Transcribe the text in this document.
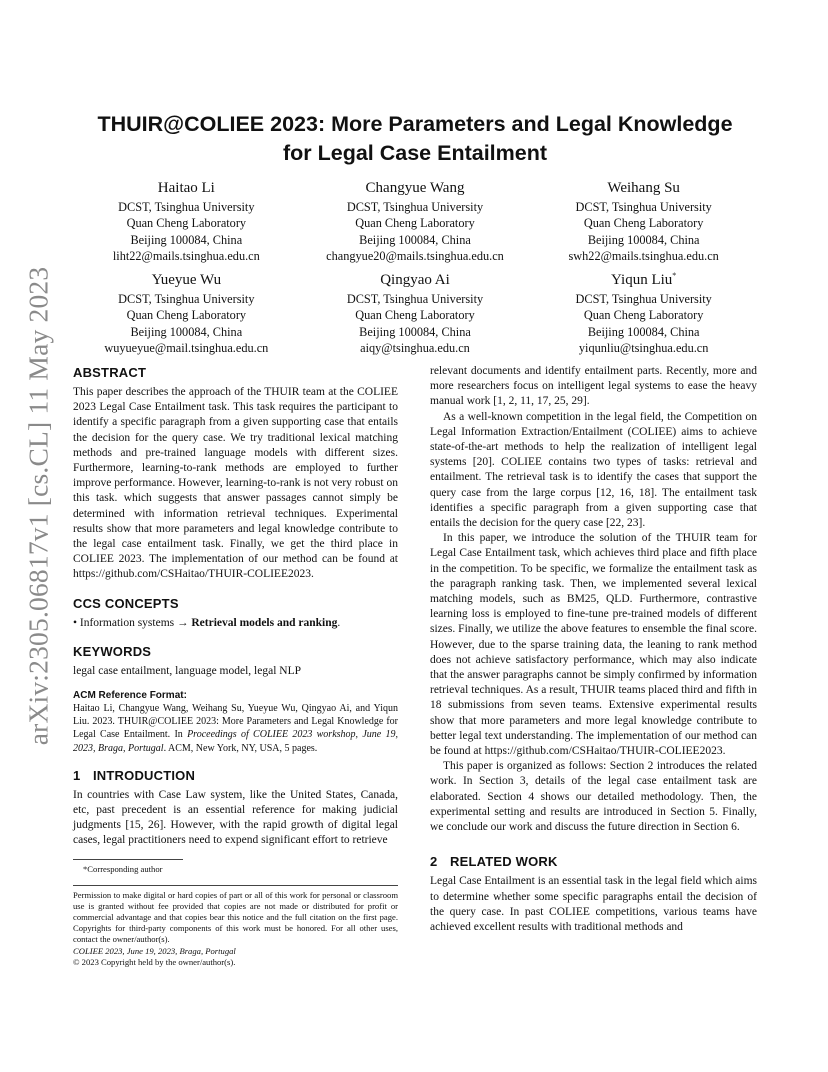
arXiv:2305.06817v1 [cs.CL] 11 May 2023
THUIR@COLIEE 2023: More Parameters and Legal Knowledge
for Legal Case Entailment
Haitao Li
DCST, Tsinghua University
Quan Cheng Laboratory
Beijing 100084, China
liht22@mails.tsinghua.edu.cn
Changyue Wang
DCST, Tsinghua University
Quan Cheng Laboratory
Beijing 100084, China
changyue20@mails.tsinghua.edu.cn
Weihang Su
DCST, Tsinghua University
Quan Cheng Laboratory
Beijing 100084, China
swh22@mails.tsinghua.edu.cn
Yueyue Wu
DCST, Tsinghua University
Quan Cheng Laboratory
Beijing 100084, China
wuyueyue@mail.tsinghua.edu.cn
Qingyao Ai
DCST, Tsinghua University
Quan Cheng Laboratory
Beijing 100084, China
aiqy@tsinghua.edu.cn
Yiqun Liu*
DCST, Tsinghua University
Quan Cheng Laboratory
Beijing 100084, China
yiqunliu@tsinghua.edu.cn
ABSTRACT

This paper describes the approach of the THUIR team at the COLIEE 2023 Legal Case Entailment task. This task requires the participant to identify a specific paragraph from a given supporting case that entails the decision for the query case. We try traditional lexical matching methods and pre-trained language models with different sizes. Furthermore, learning-to-rank methods are employed to further improve performance. However, learning-to-rank is not very robust on this task. which suggests that answer passages cannot simply be determined with information retrieval techniques. Experimental results show that more parameters and legal knowledge contribute to the legal case entailment task. Finally, we get the third place in COLIEE 2023. The implementation of our method can be found at https://github.com/CSHaitao/THUIR-COLIEE2023.

CCS CONCEPTS

• Information systems → Retrieval models and ranking.

KEYWORDS

legal case entailment, language model, legal NLP

ACM Reference Format:

Haitao Li, Changyue Wang, Weihang Su, Yueyue Wu, Qingyao Ai, and Yiqun Liu. 2023. THUIR@COLIEE 2023: More Parameters and Legal Knowledge for Legal Case Entailment. In Proceedings of COLIEE 2023 workshop, June 19, 2023, Braga, Portugal. ACM, New York, NY, USA, 5 pages.

1 INTRODUCTION

In countries with Case Law system, like the United States, Canada, etc, past precedent is an essential reference for making judicial judgments [15, 26]. However, with the rapid growth of digital legal cases, legal practitioners need to expend significant effort to retrieve

*Corresponding author

Permission to make digital or hard copies of part or all of this work for personal or classroom use is granted without fee provided that copies are not made or distributed for profit or commercial advantage and that copies bear this notice and the full citation on the first page. Copyrights for third-party components of this work must be honored. For all other uses, contact the owner/author(s).

COLIEE 2023, June 19, 2023, Braga, Portugal

© 2023 Copyright held by the owner/author(s).

relevant documents and identify entailment parts. Recently, more and more researchers focus on intelligent legal systems to ease the heavy manual work [1, 2, 11, 17, 25, 29].

As a well-known competition in the legal field, the Competition on Legal Information Extraction/Entailment (COLIEE) aims to achieve state-of-the-art methods to help the realization of intelligent legal systems [20]. COLIEE contains two types of tasks: retrieval and entailment. The retrieval task is to identify the cases that support the query case from the large corpus [12, 16, 18]. The entailment task identifies a specific paragraph from a given supporting case that entails the decision for the query case [22, 23].

In this paper, we introduce the solution of the THUIR team for Legal Case Entailment task, which achieves third place and fifth place in the competition. To be specific, we formalize the entailment task as the paragraph ranking task. Then, we implemented several lexical matching models, such as BM25, QLD. Furthermore, contrastive learning loss is employed to fine-tune pre-trained models of different sizes. Finally, we utilize the above features to ensemble the final score. However, due to the sparse training data, the leaning to rank method does not achieve satisfactory performance, which may also indicate that the answer paragraphs cannot be simply confirmed by information retrieval techniques. As a result, THUIR teams placed third and fifth in 18 submissions from seven teams. Extensive experimental results show that more parameters and more legal knowledge contribute to better legal text understanding. The implementation of our method can be found at https://github.com/CSHaitao/THUIR-COLIEE2023.

This paper is organized as follows: Section 2 introduces the related work. In Section 3, details of the legal case entailment task are elaborated. Section 4 shows our detailed methodology. Then, the experimental setting and results are introduced in Section 5. Finally, we conclude our work and discuss the future direction in Section 6.

2 RELATED WORK

Legal Case Entailment is an essential task in the legal field which aims to determine whether some specific paragraphs entail the decision of the query case. In past COLIEE competitions, various teams have achieved excellent results with traditional methods and
